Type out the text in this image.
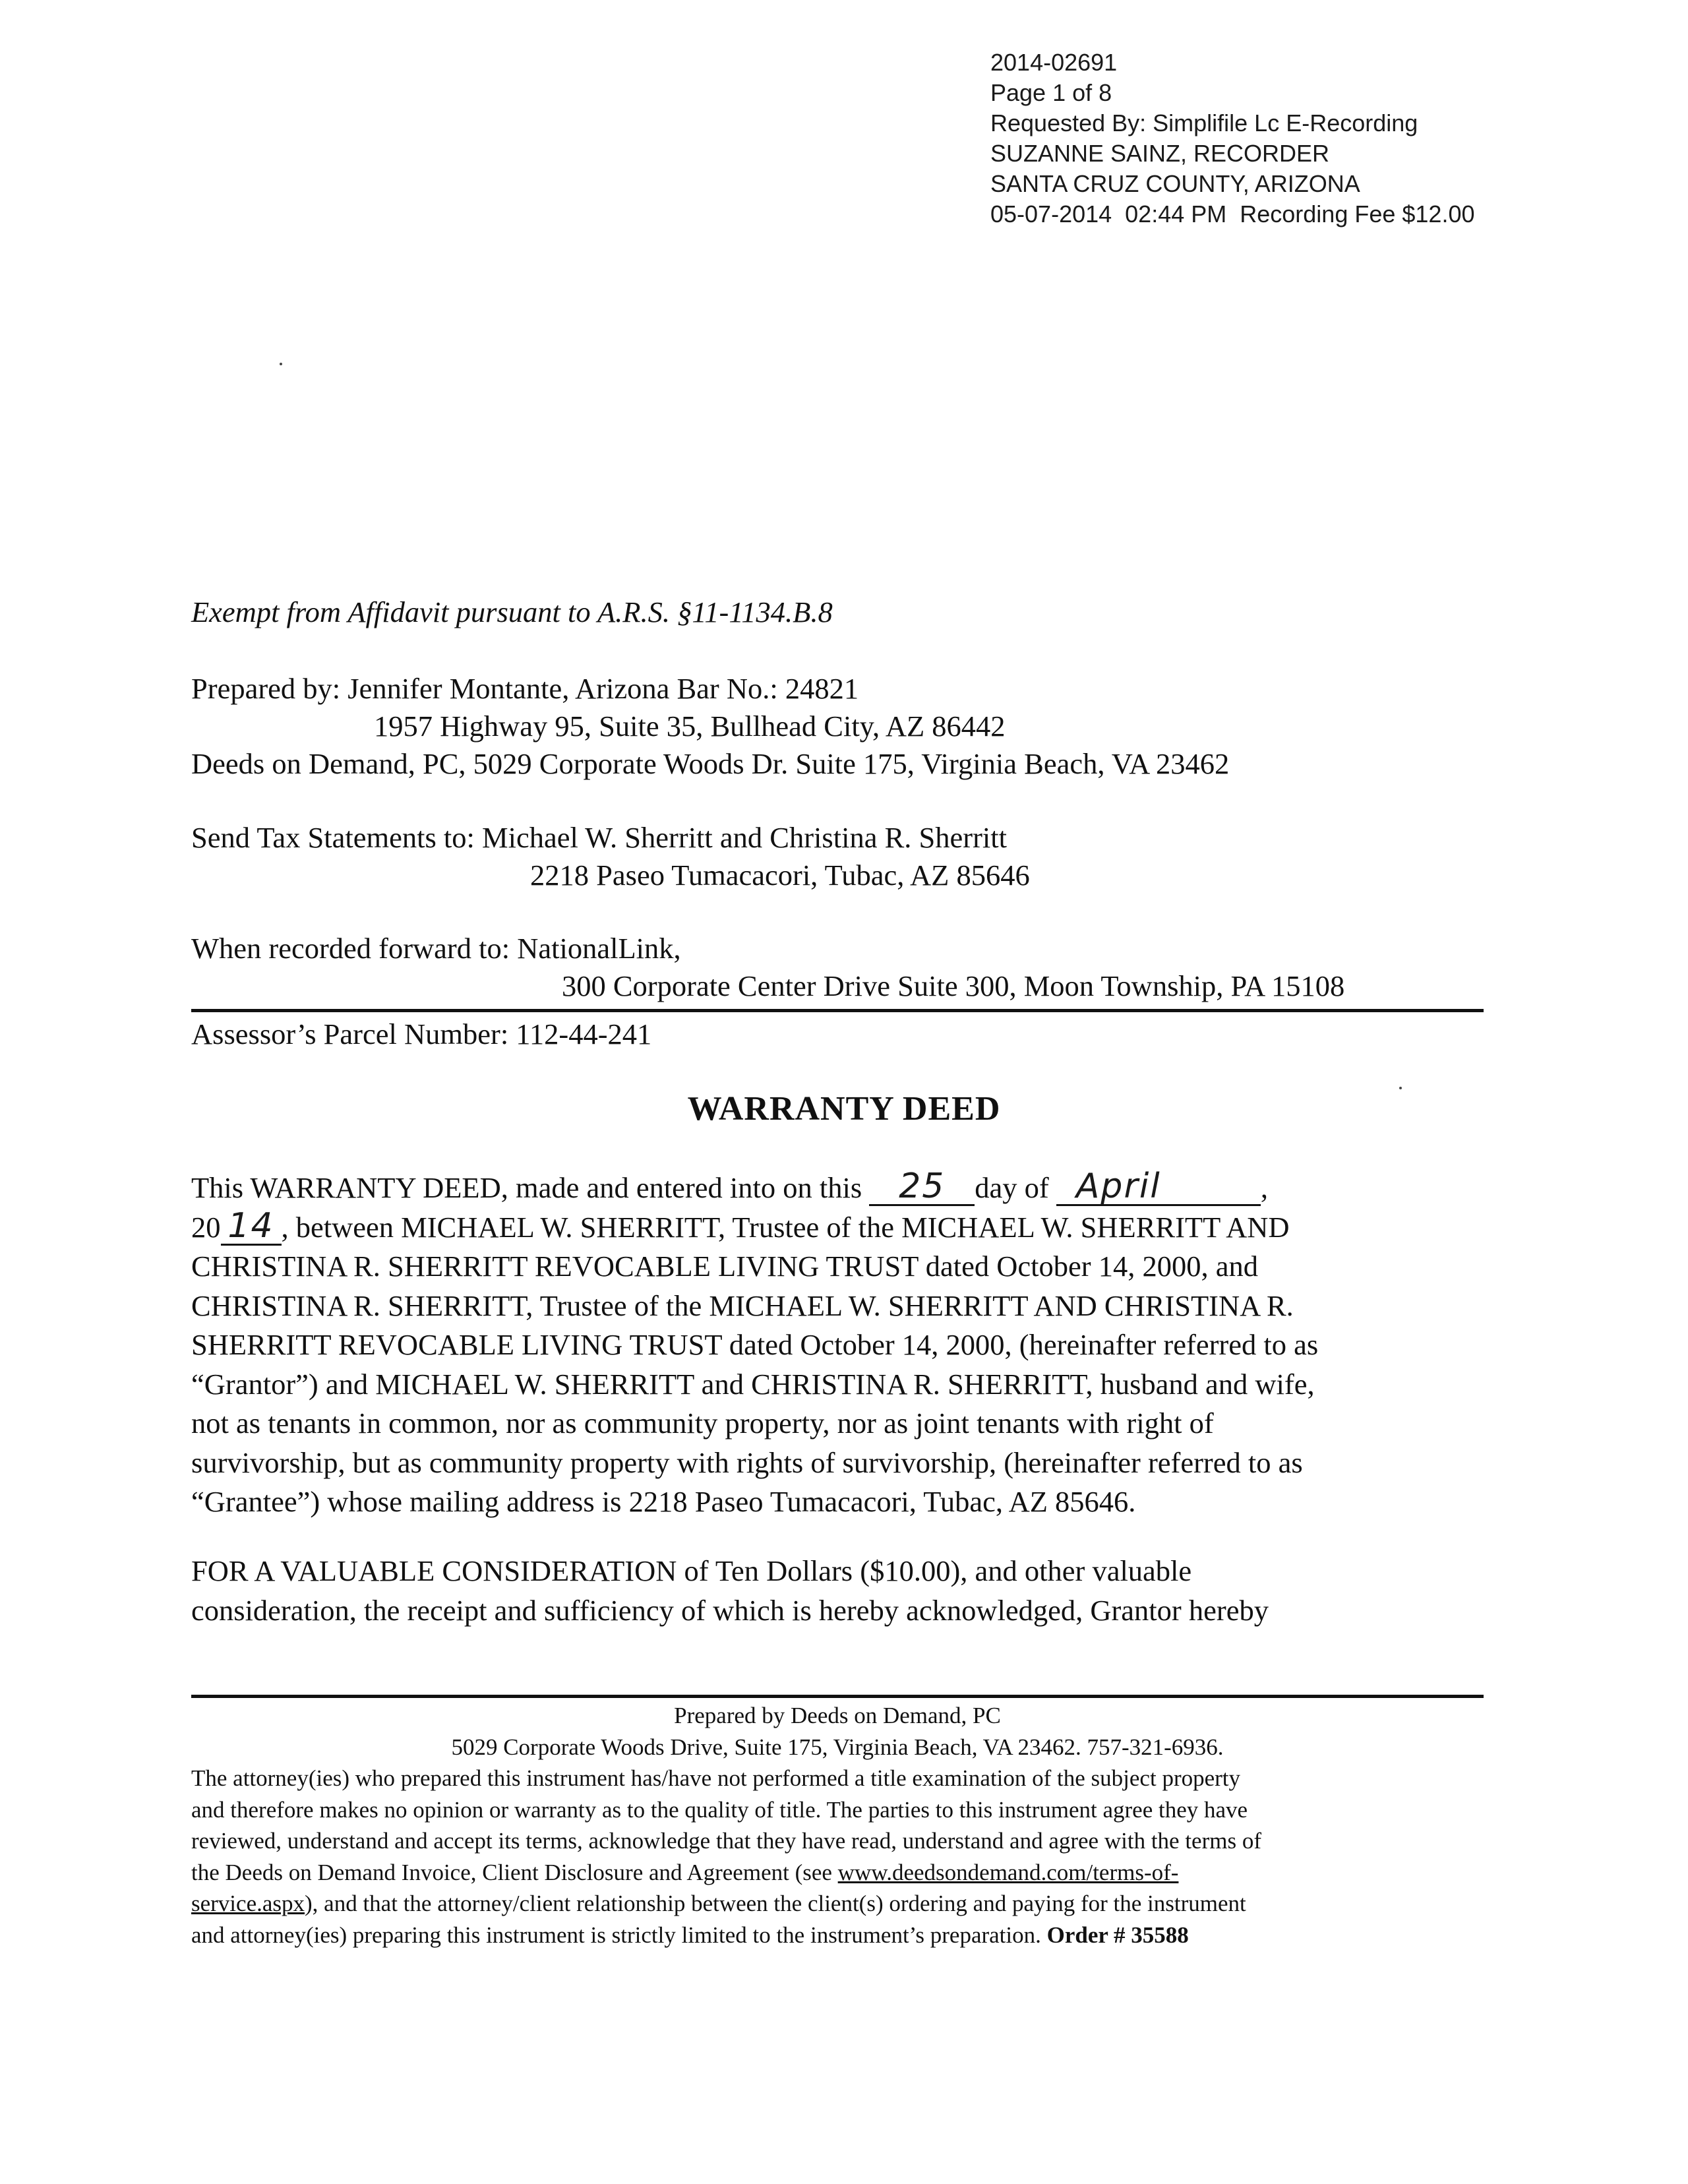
2014-02691
Page 1 of 8
Requested By: Simplifile Lc E-Recording
SUZANNE SAINZ, RECORDER
SANTA CRUZ COUNTY, ARIZONA
05-07-2014  02:44 PM  Recording Fee $12.00
Exempt from Affidavit pursuant to A.R.S. §11-1134.B.8
Prepared by: Jennifer Montante, Arizona Bar No.: 24821
1957 Highway 95, Suite 35, Bullhead City, AZ 86442
Deeds on Demand, PC, 5029 Corporate Woods Dr. Suite 175, Virginia Beach, VA 23462
Send Tax Statements to: Michael W. Sherritt and Christina R. Sherritt
2218 Paseo Tumacacori, Tubac, AZ 85646
When recorded forward to: NationalLink,
300 Corporate Center Drive Suite 300, Moon Township, PA 15108
Assessor’s Parcel Number: 112-44-241
WARRANTY DEED
This WARRANTY DEED, made and entered into on this 25 day of April	,
20 14 , between MICHAEL W. SHERRITT, Trustee of the MICHAEL W. SHERRITT AND
CHRISTINA R. SHERRITT REVOCABLE LIVING TRUST dated October 14, 2000, and
CHRISTINA R. SHERRITT, Trustee of the MICHAEL W. SHERRITT AND CHRISTINA R.
SHERRITT REVOCABLE LIVING TRUST dated October 14, 2000, (hereinafter referred to as
“Grantor”) and MICHAEL W. SHERRITT and CHRISTINA R. SHERRITT, husband and wife,
not as tenants in common, nor as community property, nor as joint tenants with right of
survivorship, but as community property with rights of survivorship, (hereinafter referred to as
“Grantee”) whose mailing address is 2218 Paseo Tumacacori, Tubac, AZ 85646.
FOR A VALUABLE CONSIDERATION of Ten Dollars ($10.00), and other valuable
consideration, the receipt and sufficiency of which is hereby acknowledged, Grantor hereby
Prepared by Deeds on Demand, PC
5029 Corporate Woods Drive, Suite 175, Virginia Beach, VA 23462. 757-321-6936.
The attorney(ies) who prepared this instrument has/have not performed a title examination of the subject property
and therefore makes no opinion or warranty as to the quality of title. The parties to this instrument agree they have
reviewed, understand and accept its terms, acknowledge that they have read, understand and agree with the terms of
the Deeds on Demand Invoice, Client Disclosure and Agreement (see www.deedsondemand.com/terms-of-
service.aspx), and that the attorney/client relationship between the client(s) ordering and paying for the instrument
and attorney(ies) preparing this instrument is strictly limited to the instrument’s preparation. Order # 35588
